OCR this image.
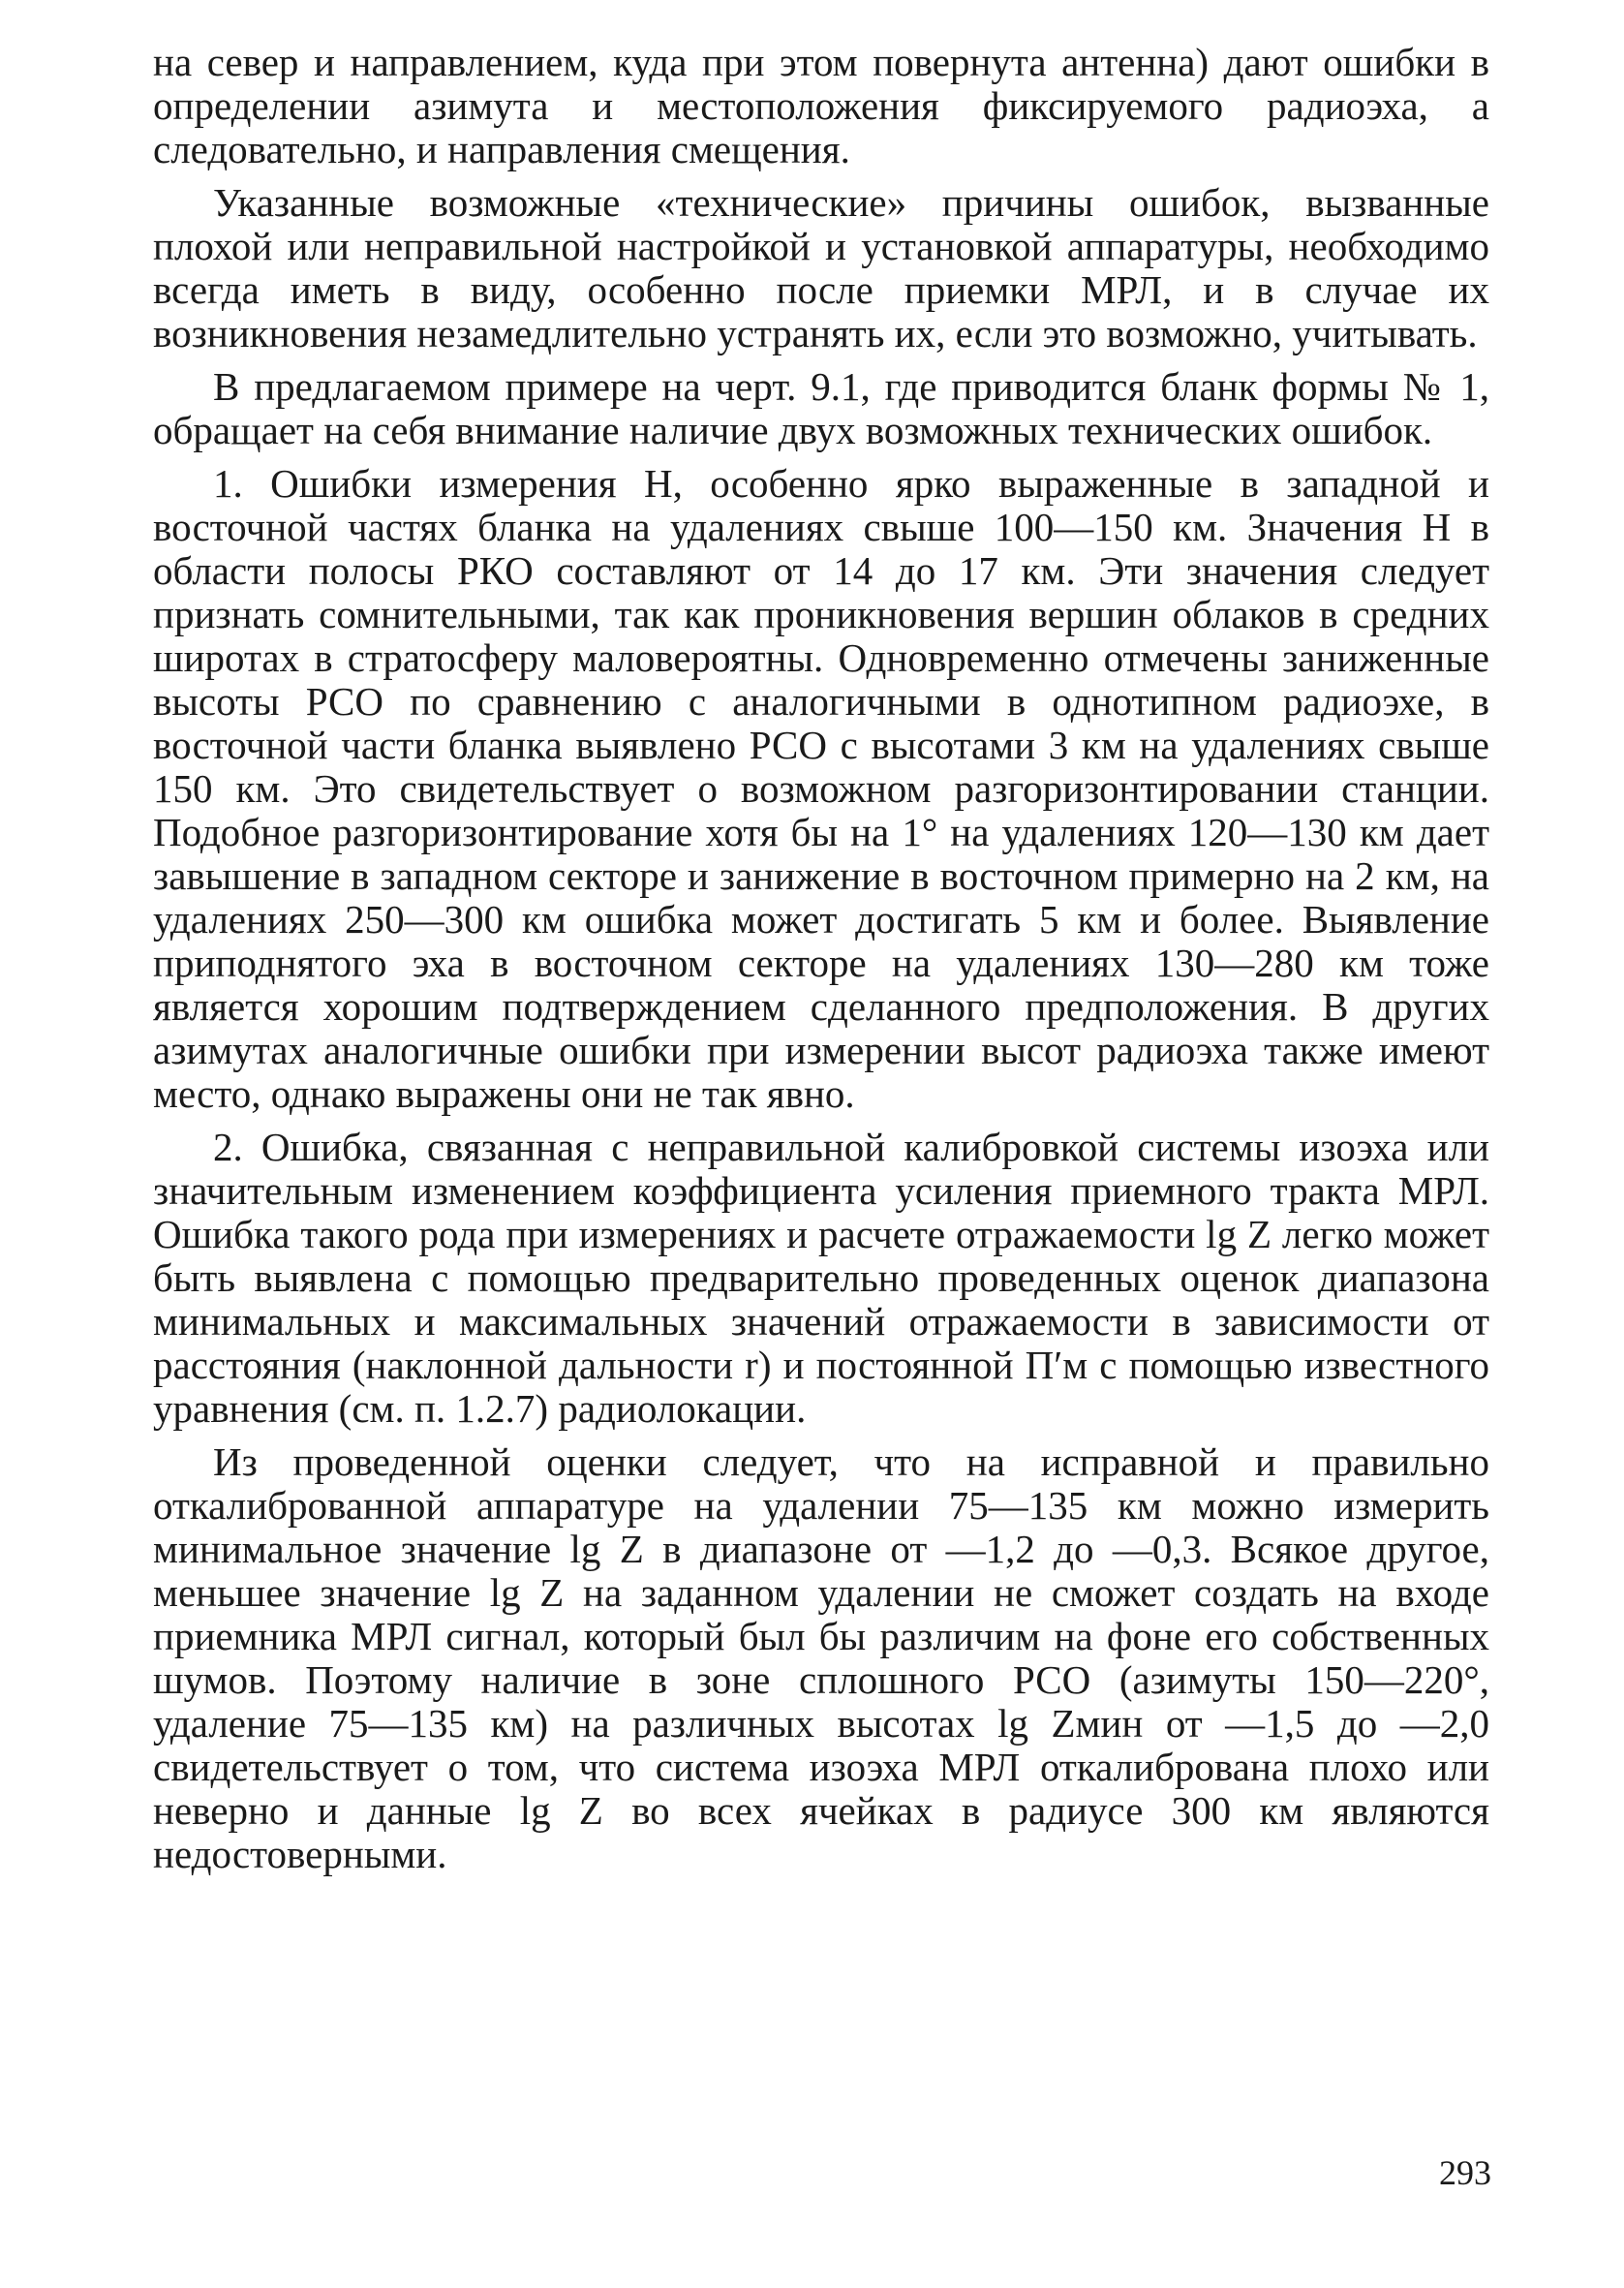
на север и направлением, куда при этом повернута антенна) дают ошибки в определении азимута и местоположения фиксируемого радиоэха, а следовательно, и направления смещения.

Указанные возможные «технические» причины ошибок, вызванные плохой или неправильной настройкой и установкой аппаратуры, необходимо всегда иметь в виду, особенно после приемки МРЛ, и в случае их возникновения незамедлительно устранять их, если это возможно, учитывать.

В предлагаемом примере на черт. 9.1, где приводится бланк формы № 1, обращает на себя внимание наличие двух возможных технических ошибок.

1. Ошибки измерения H, особенно ярко выраженные в западной и восточной частях бланка на удалениях свыше 100—150 км. Значения H в области полосы РКО составляют от 14 до 17 км. Эти значения следует признать сомнительными, так как проникновения вершин облаков в средних широтах в стратосферу маловероятны. Одновременно отмечены заниженные высоты РСО по сравнению с аналогичными в однотипном радиоэхе, в восточной части бланка выявлено РСО с высотами 3 км на удалениях свыше 150 км. Это свидетельствует о возможном разгоризонтировании станции. Подобное разгоризонтирование хотя бы на 1° на удалениях 120—130 км дает завышение в западном секторе и занижение в восточном примерно на 2 км, на удалениях 250—300 км ошибка может достигать 5 км и более. Выявление приподнятого эха в восточном секторе на удалениях 130—280 км тоже является хорошим подтверждением сделанного предположения. В других азимутах аналогичные ошибки при измерении высот радиоэха также имеют место, однако выражены они не так явно.

2. Ошибка, связанная с неправильной калибровкой системы изоэха или значительным изменением коэффициента усиления приемного тракта МРЛ. Ошибка такого рода при измерениях и расчете отражаемости lg Z легко может быть выявлена с помощью предварительно проведенных оценок диапазона минимальных и максимальных значений отражаемости в зависимости от расстояния (наклонной дальности r) и постоянной П′м с помощью известного уравнения (см. п. 1.2.7) радиолокации.

Из проведенной оценки следует, что на исправной и правильно откалиброванной аппаратуре на удалении 75—135 км можно измерить минимальное значение lg Z в диапазоне от —1,2 до —0,3. Всякое другое, меньшее значение lg Z на заданном удалении не сможет создать на входе приемника МРЛ сигнал, который был бы различим на фоне его собственных шумов. Поэтому наличие в зоне сплошного РСО (азимуты 150—220°, удаление 75—135 км) на различных высотах lg Zмин от —1,5 до —2,0 свидетельствует о том, что система изоэха МРЛ откалибрована плохо или неверно и данные lg Z во всех ячейках в радиусе 300 км являются недостоверными.

293
